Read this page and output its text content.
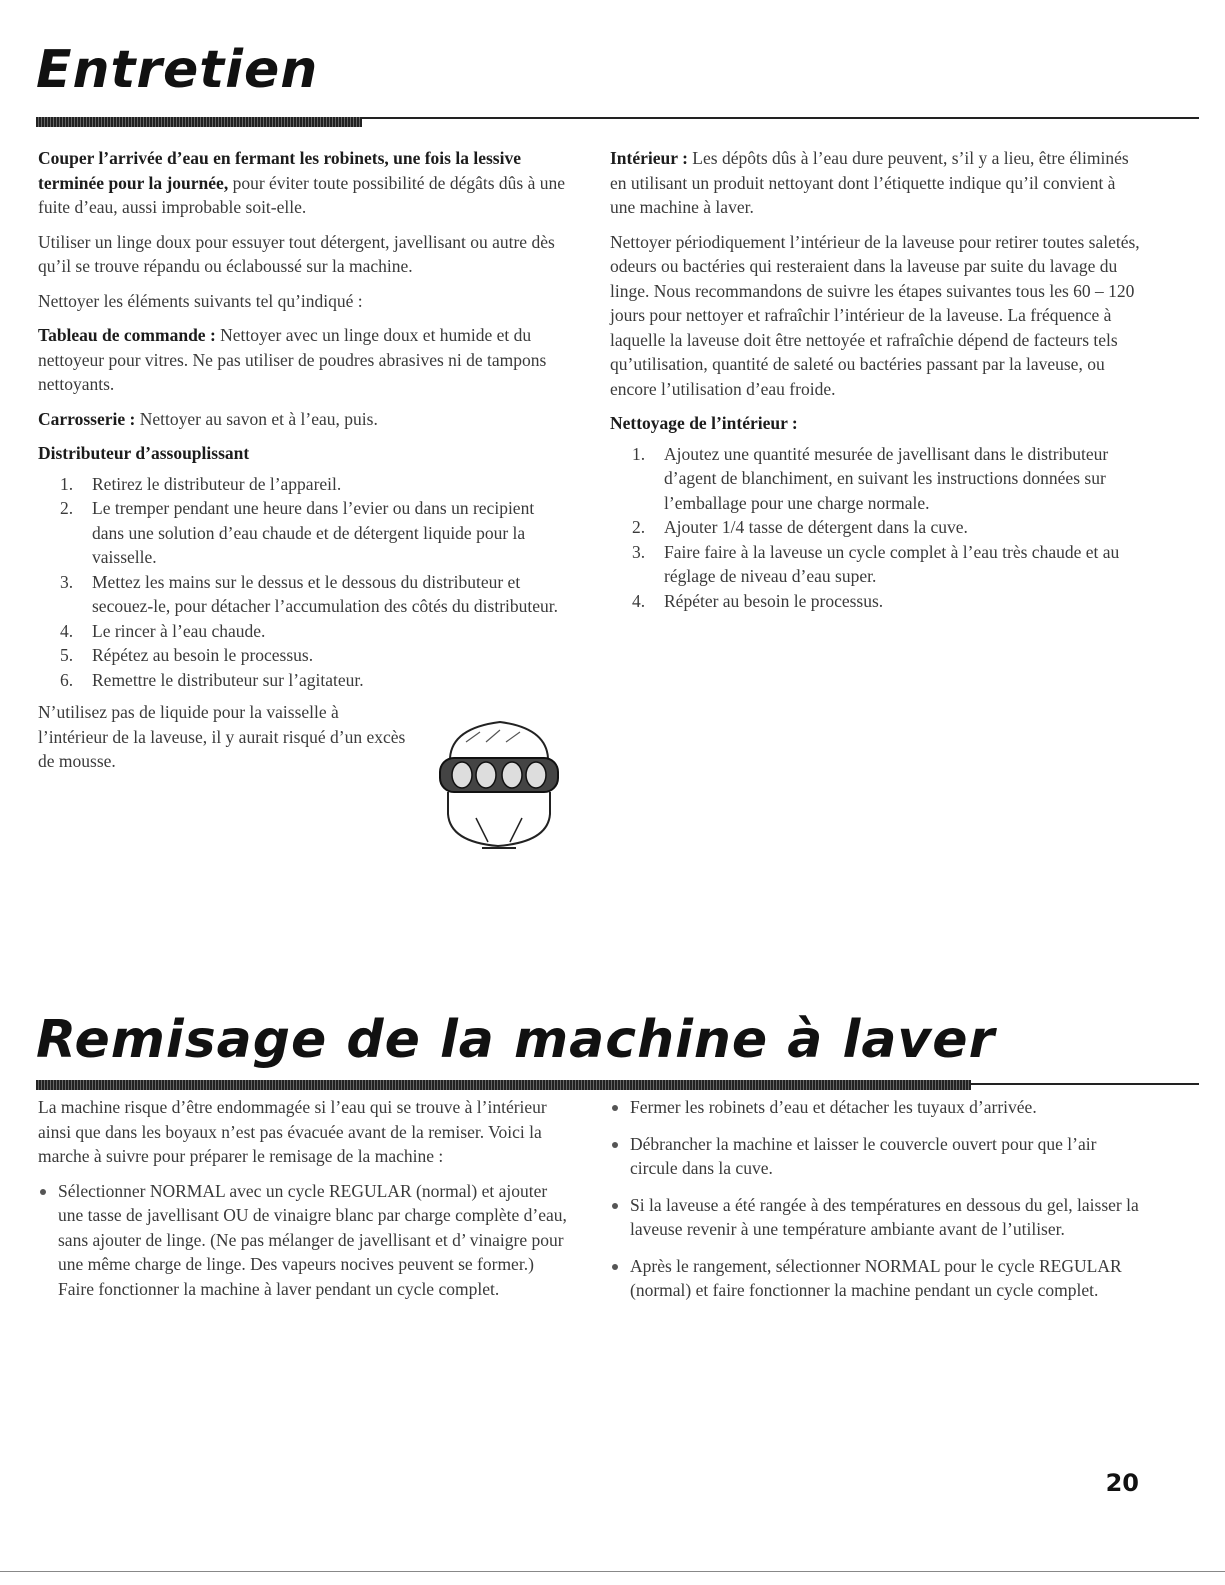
Entretien

Couper l’arrivée d’eau en fermant les robinets, une fois la lessive terminée pour la journée, pour éviter toute possibilité de dégâts dûs à une fuite d’eau, aussi improbable soit-elle.

Utiliser un linge doux pour essuyer tout détergent, javellisant ou autre dès qu’il se trouve répandu ou éclaboussé sur la machine.

Nettoyer les éléments suivants tel qu’indiqué :

Tableau de commande : Nettoyer avec un linge doux et humide et du nettoyeur pour vitres. Ne pas utiliser de poudres abrasives ni de tampons nettoyants.

Carrosserie : Nettoyer au savon et à l’eau, puis.

Distributeur d’assouplissant
1. Retirez le distributeur de l’appareil.
2. Le tremper pendant une heure dans l’evier ou dans un recipient dans une solution d’eau chaude et de détergent liquide pour la vaisselle.
3. Mettez les mains sur le dessus et le dessous du distributeur et secouez-le, pour détacher l’accumulation des côtés du distributeur.
4. Le rincer à l’eau chaude.
5. Répétez au besoin le processus.
6. Remettre le distributeur sur l’agitateur.

N’utilisez pas de liquide pour la vaisselle à l’intérieur de la laveuse, il y aurait risqué d’un excès de mousse.

Intérieur : Les dépôts dûs à l’eau dure peuvent, s’il y a lieu, être éliminés en utilisant un produit nettoyant dont l’étiquette indique qu’il convient à une machine à laver.

Nettoyer périodiquement l’intérieur de la laveuse pour retirer toutes saletés, odeurs ou bactéries qui resteraient dans la laveuse par suite du lavage du linge. Nous recommandons de suivre les étapes suivantes tous les 60 – 120 jours pour nettoyer et rafraîchir l’intérieur de la laveuse. La fréquence à laquelle la laveuse doit être nettoyée et rafraîchie dépend de facteurs tels qu’utilisation, quantité de saleté ou bactéries passant par la laveuse, ou encore l’utilisation d’eau froide.

Nettoyage de l’intérieur :
1. Ajoutez une quantité mesurée de javellisant dans le distributeur d’agent de blanchiment, en suivant les instructions données sur l’emballage pour une charge normale.
2. Ajouter 1/4 tasse de détergent dans la cuve.
3. Faire faire à la laveuse un cycle complet à l’eau très chaude et au réglage de niveau d’eau super.
4. Répéter au besoin le processus.
Remisage de la machine à laver

La machine risque d’être endommagée si l’eau qui se trouve à l’intérieur ainsi que dans les boyaux n’est pas évacuée avant de la remiser. Voici la marche à suivre pour préparer le remisage de la machine :

Sélectionner NORMAL avec un cycle REGULAR (normal) et ajouter une tasse de javellisant OU de vinaigre blanc par charge complète d’eau, sans ajouter de linge. (Ne pas mélanger de javellisant et d’ vinaigre pour une même charge de linge. Des vapeurs nocives peuvent se former.) Faire fonctionner la machine à laver pendant un cycle complet.
Fermer les robinets d’eau et détacher les tuyaux d’arrivée.
Débrancher la machine et laisser le couvercle ouvert pour que l’air circule dans la cuve.
Si la laveuse a été rangée à des températures en dessous du gel, laisser la laveuse revenir à une température ambiante avant de l’utiliser.
Après le rangement, sélectionner NORMAL pour le cycle REGULAR (normal) et faire fonctionner la machine pendant un cycle complet.
20
